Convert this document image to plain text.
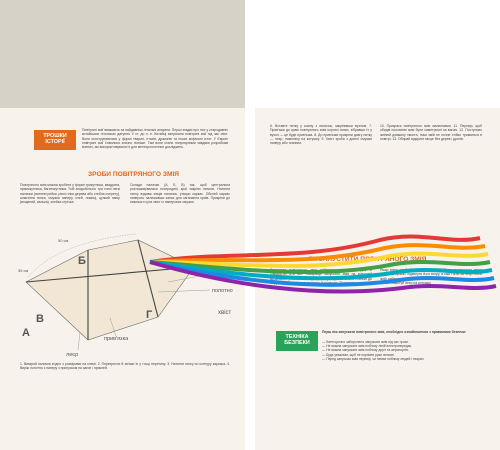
ТРОШКИ ІСТОРІЇ
Повітряні змії вважають за найдавніші літальні апарати. Перші згадки про них у стародавніх китайських літописах датують V ст. до н. е. Китайці запускали повітряні змії під час свят. Вони конструювалися у формі тварин, птахів, драконів та інших міфічних істот. У Європі повітряні змії з'явилися значно пізніше. Там вони стали популярними завдяки розробкам вчених, які використовували їх для метеорологічних досліджень.
ЗРОБИ ПОВІТРЯНОГО ЗМІЯ
Повітряного змія можна зробити у формі трикутника, квадрата, прямокутника, багатокутника. Тобі знадобиться: три тонкі легкі палички (ясеневі рейки, рівні гілки дерева або стебла очерету), шпагатна нитка, смужки паперу, клей, ножиці, цупкий папір (вощений, калька), клейка стрічка.
Склади палички (А, Б, В) так, щоб центральна розташовувалася посередині, краї закріпи ниткою. Натягни нитку вздовж кінців паличок, утвори каркас. Обклей каркас папером, залишивши запас для загинання країв. Прикріпи до нижнього кута хвіст із паперових смужок.
А
Б
В	Г
35 см
50 см
каркас
полотно
хвіст
прив'язка
леєр
1. Виміряй палички згідно з розмірами на схемі. 2. Перехрести й зв'яжи їх у точці перетину. 3. Натягни нитку по контуру каркаса. 4. Виріж полотно з паперу з припуском на загин і приклей.
6. Вставте нитку у кожну з паличок, закріпивши вузлом. 7. Прив'яжи до краю повітряного змія короткі нитки, зібравши їх у вузол — це буде прив'язка. 8. До прив'язки прикріпи довгу нитку — леєр, намотану на котушку. 9. Хвіст зроби з довгої смужки паперу або тканини.
10. Прикрась повітряного змія малюнками. 11. Перевір, щоб обидві половини змія були симетричні за вагою. 12. Поступово змінюй довжину хвоста, поки змій не почне стійко триматися в повітрі. 13. Обирай відкрите місце без дерев і дротів.
ЯК ЗАПУСТИТИ ПОВІТРЯНОГО ЗМІЯ
Запускати повітряного змія найкраще, коли вітер дме зі швидкістю 4–8 м/с. Найкраще запускати змія на відкритій місцевості: у полі, на пагорбі, на березі річки. Стань спиною до вітру, підніми змія над головою й відпусти. Поступово розмотуй леєр.
Якщо вітер слабкий, попроси друга відійти з повітряним змієм на 15–20 кроків і підкинути його вгору, а сам тягни за леєр. Коли змій набере висоту, розмотай більше нитки. Щоб спустити змія, поволі намотуй леєр на котушку.
ТЕХНІКА БЕЗПЕКИ
Перш ніж запускати повітряного змія, необхідно ознайомитися з правилами безпеки:
— Категорично заборонено запускати змія під час грози.
— Не можна запускати змія поблизу ліній електропередач.
— Не можна запускати змія поблизу доріг та аеропортів.
— Будь уважним, щоб не порізати руки ниткою.
— Перед запуском змія перевір, чи немає поблизу людей і тварин.
